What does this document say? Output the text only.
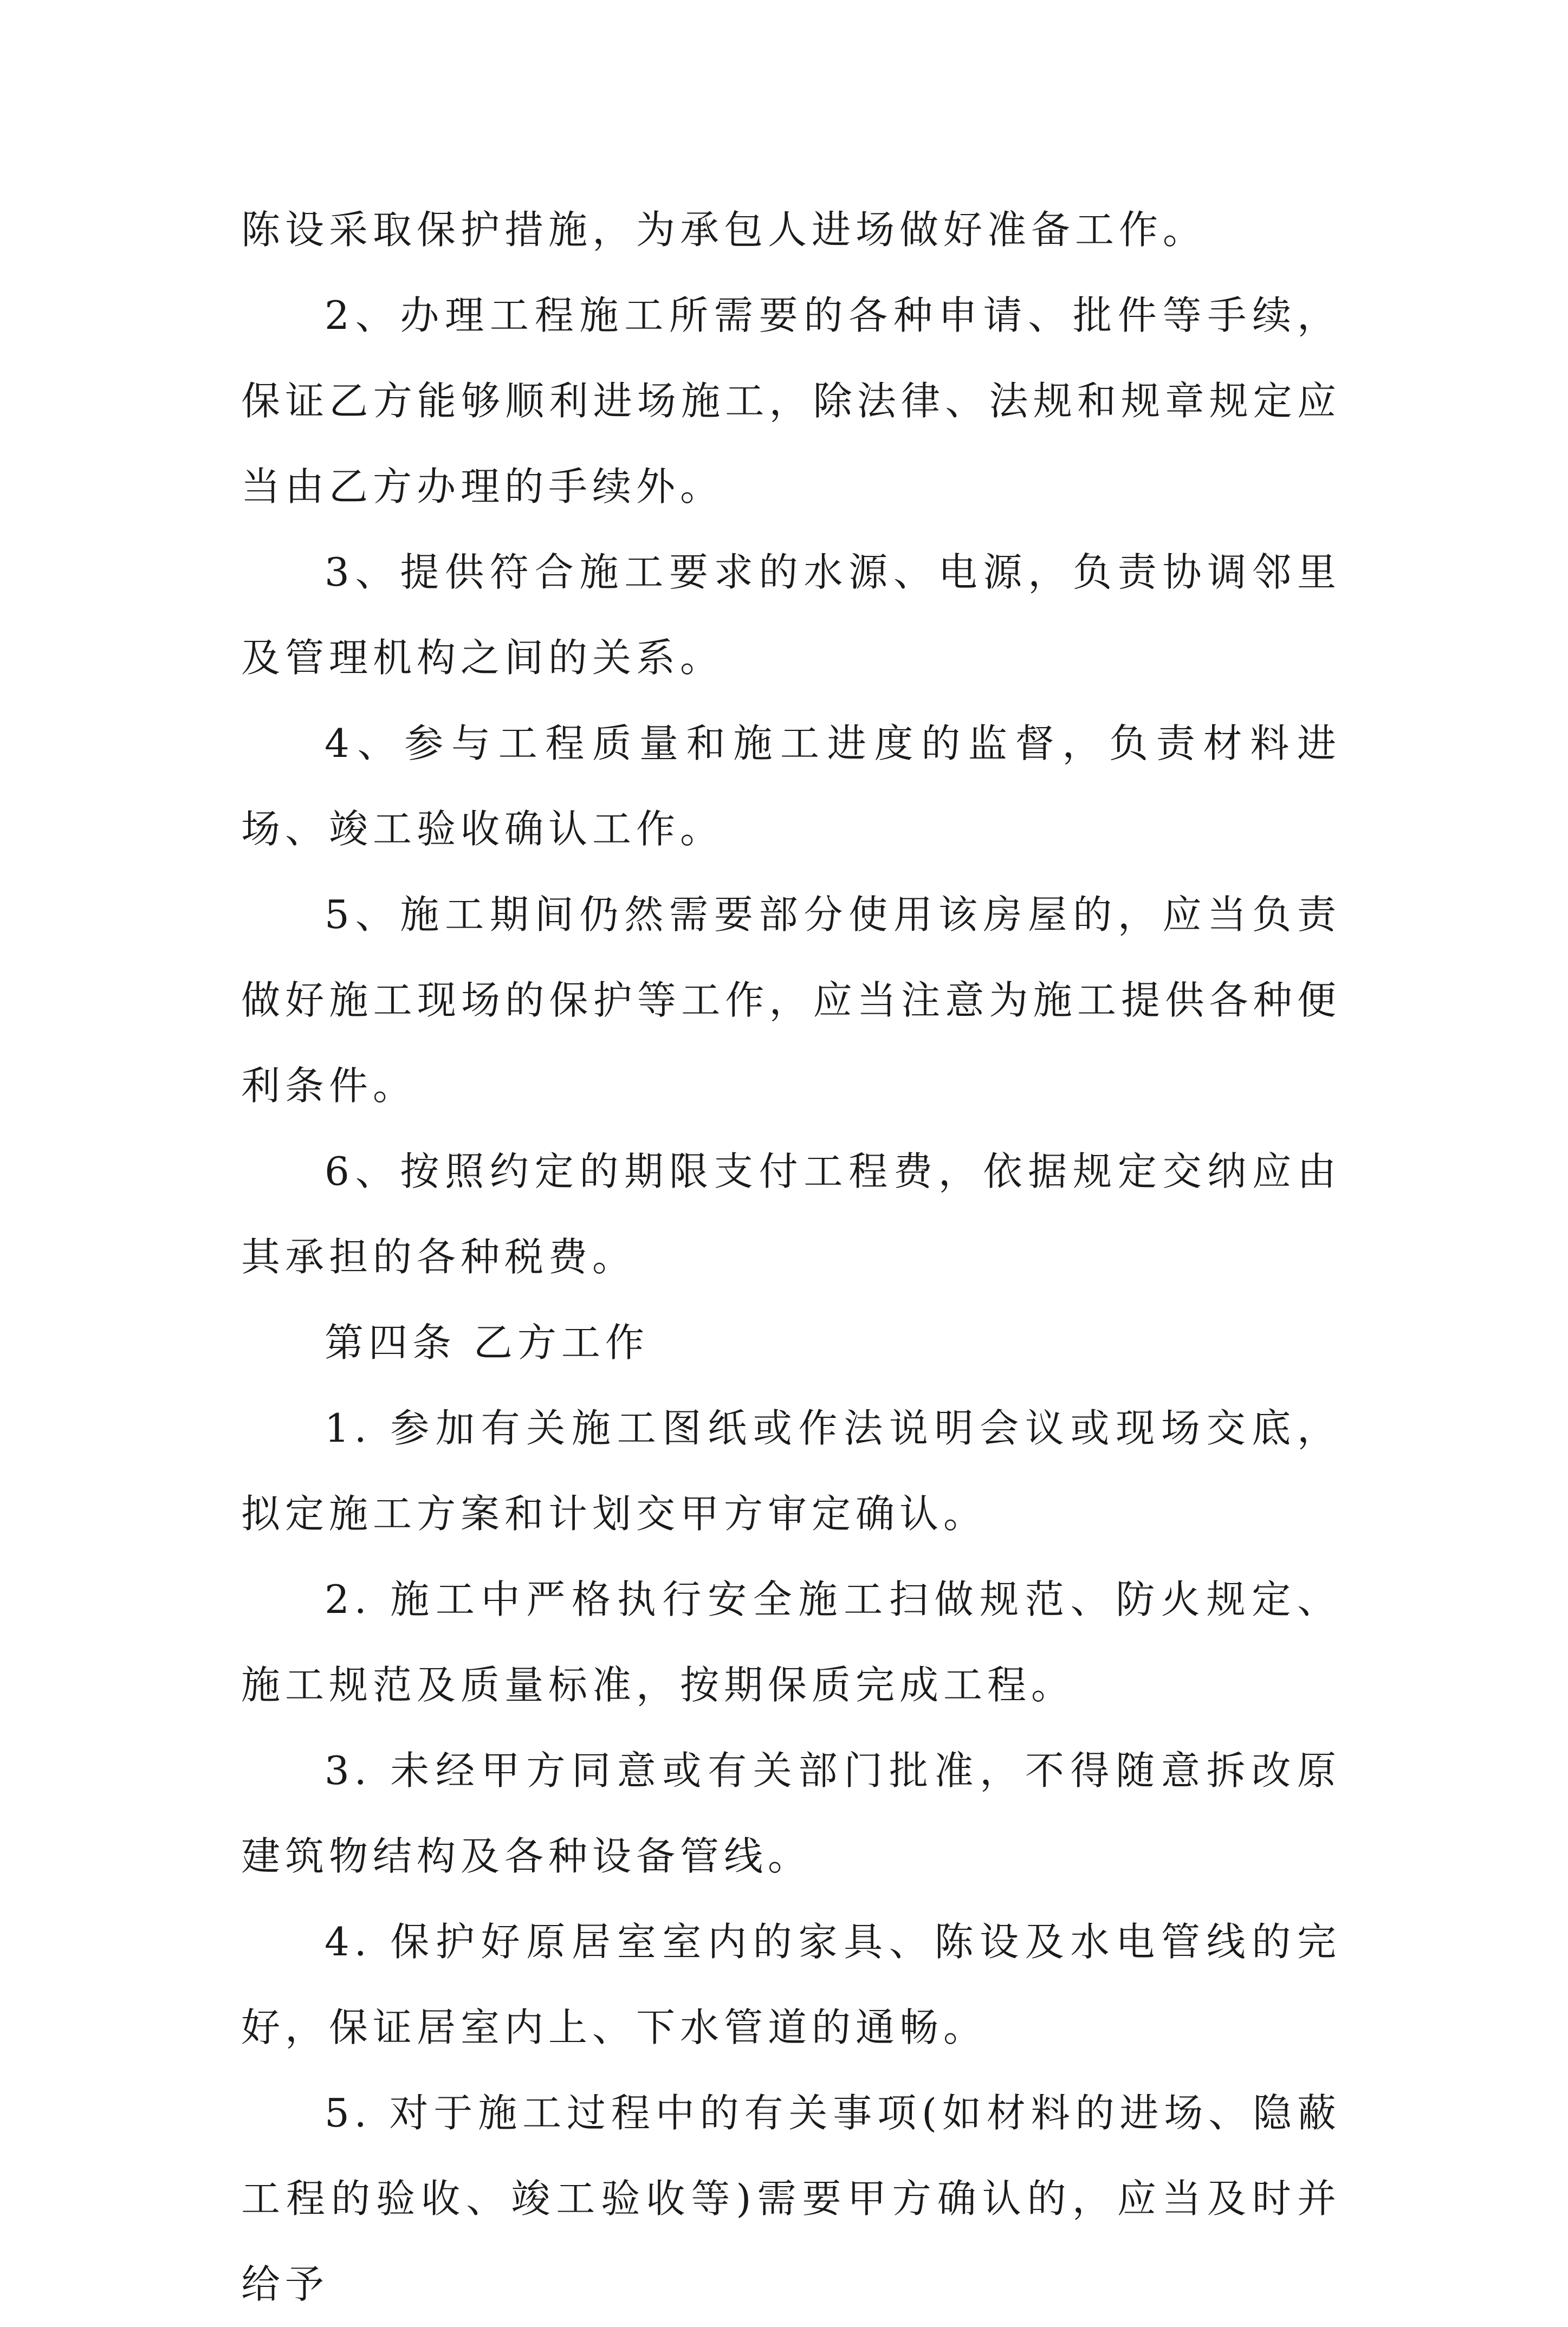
陈设采取保护措施，为承包人进场做好准备工作。

2、办理工程施工所需要的各种申请、批件等手续，保证乙方能够顺利进场施工，除法律、法规和规章规定应当由乙方办理的手续外。

3、提供符合施工要求的水源、电源，负责协调邻里及管理机构之间的关系。

4、参与工程质量和施工进度的监督，负责材料进场、竣工验收确认工作。

5、施工期间仍然需要部分使用该房屋的，应当负责做好施工现场的保护等工作，应当注意为施工提供各种便利条件。

6、按照约定的期限支付工程费，依据规定交纳应由其承担的各种税费。

第四条 乙方工作

1. 参加有关施工图纸或作法说明会议或现场交底，拟定施工方案和计划交甲方审定确认。

2. 施工中严格执行安全施工扫做规范、防火规定、施工规范及质量标准，按期保质完成工程。

3. 未经甲方同意或有关部门批准，不得随意拆改原建筑物结构及各种设备管线。

4. 保护好原居室室内的家具、陈设及水电管线的完好，保证居室内上、下水管道的通畅。

5. 对于施工过程中的有关事项(如材料的进场、隐蔽工程的验收、竣工验收等)需要甲方确认的，应当及时并给予
